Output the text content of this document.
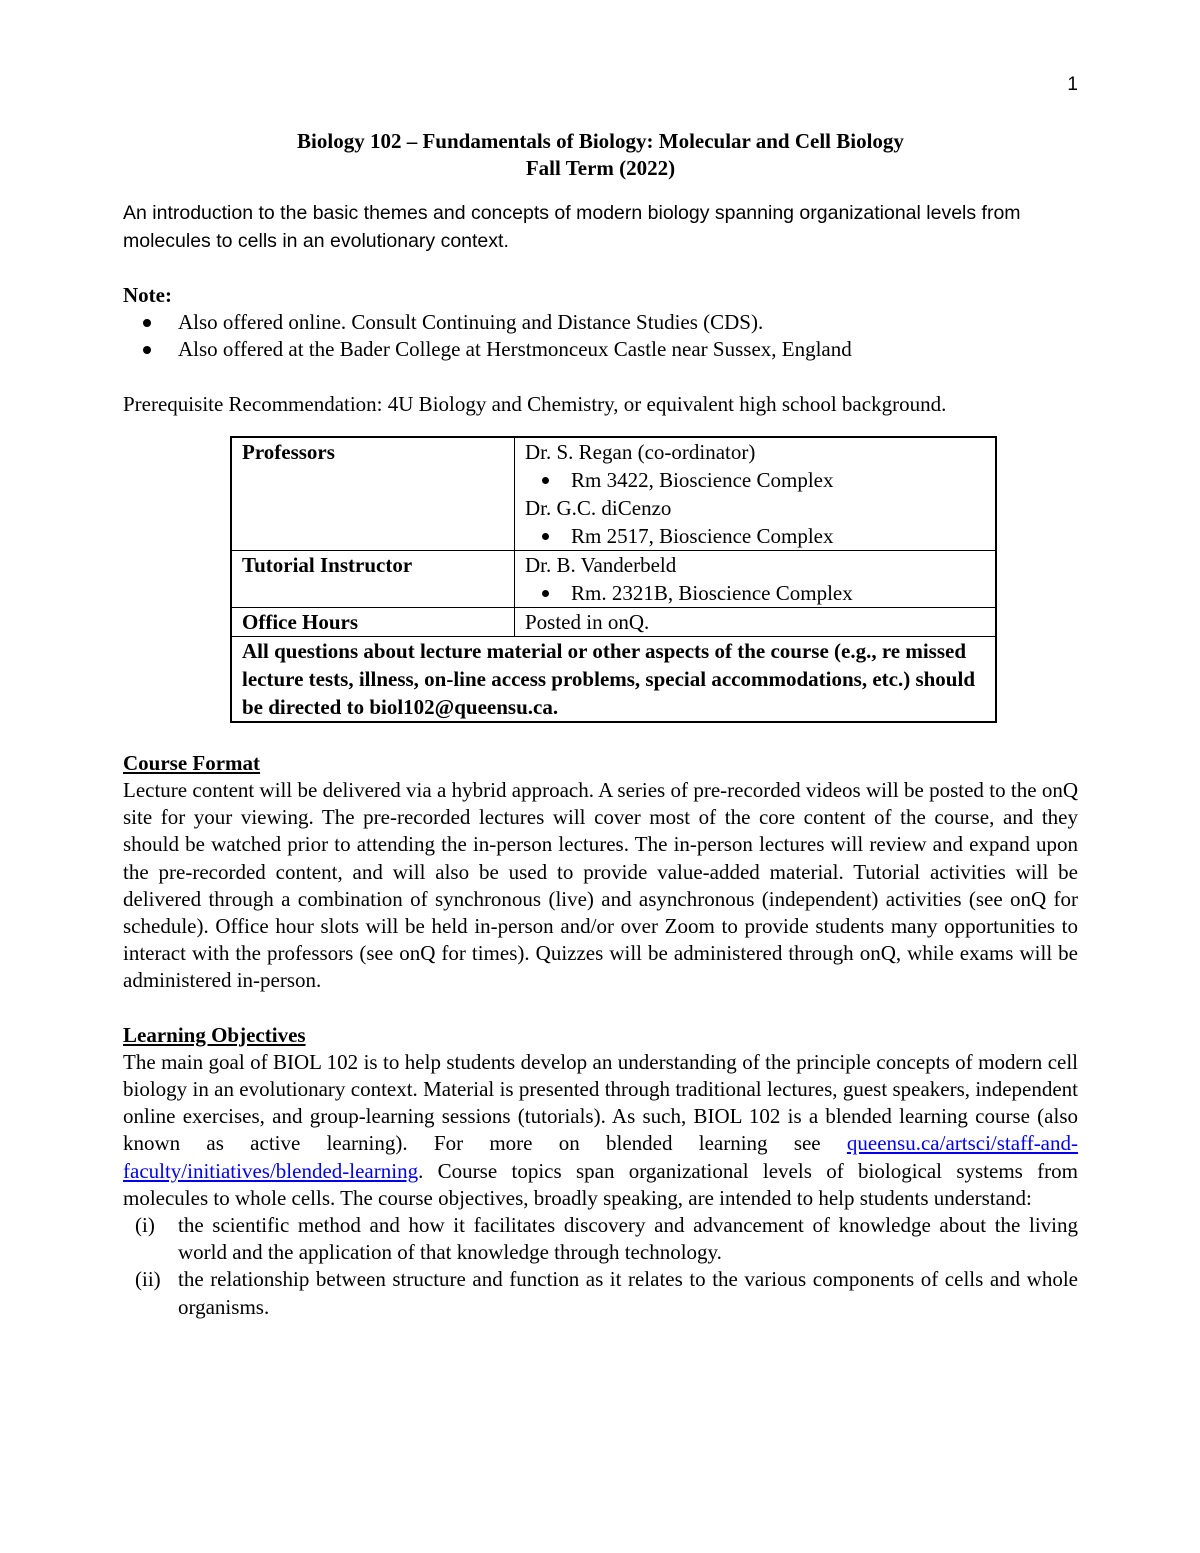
1
Biology 102 – Fundamentals of Biology: Molecular and Cell Biology
Fall Term (2022)
An introduction to the basic themes and concepts of modern biology spanning organizational levels from molecules to cells in an evolutionary context.
Note:
Also offered online. Consult Continuing and Distance Studies (CDS).
Also offered at the Bader College at Herstmonceux Castle near Sussex, England
Prerequisite Recommendation: 4U Biology and Chemistry, or equivalent high school background.
Professors	Dr. S. Regan (co-ordinator)
Rm 3422, Bioscience Complex
Dr. G.C. diCenzo
Rm 2517, Bioscience Complex

Tutorial Instructor	Dr. B. Vanderbeld
Rm. 2321B, Bioscience Complex

Office Hours	Posted in onQ.
All questions about lecture material or other aspects of the course (e.g., re missed lecture tests, illness, on-line access problems, special accommodations, etc.) should be directed to biol102@queensu.ca.	
Course Format
Lecture content will be delivered via a hybrid approach. A series of pre-recorded videos will be posted to the onQ site for your viewing. The pre-recorded lectures will cover most of the core content of the course, and they should be watched prior to attending the in-person lectures. The in-person lectures will review and expand upon the pre-recorded content, and will also be used to provide value-added material. Tutorial activities will be delivered through a combination of synchronous (live) and asynchronous (independent) activities (see onQ for schedule). Office hour slots will be held in-person and/or over Zoom to provide students many opportunities to interact with the professors (see onQ for times). Quizzes will be administered through onQ, while exams will be administered in-person.
Learning Objectives
The main goal of BIOL 102 is to help students develop an understanding of the principle concepts of modern cell biology in an evolutionary context. Material is presented through traditional lectures, guest speakers, independent online exercises, and group-learning sessions (tutorials). As such, BIOL 102 is a blended learning course (also known as active learning). For more on blended learning see queensu.ca/artsci/staff-and-faculty/initiatives/blended-learning. Course topics span organizational levels of biological systems from molecules to whole cells. The course objectives, broadly speaking, are intended to help students understand:
(i) the scientific method and how it facilitates discovery and advancement of knowledge about the living world and the application of that knowledge through technology.
(ii) the relationship between structure and function as it relates to the various components of cells and whole organisms.
